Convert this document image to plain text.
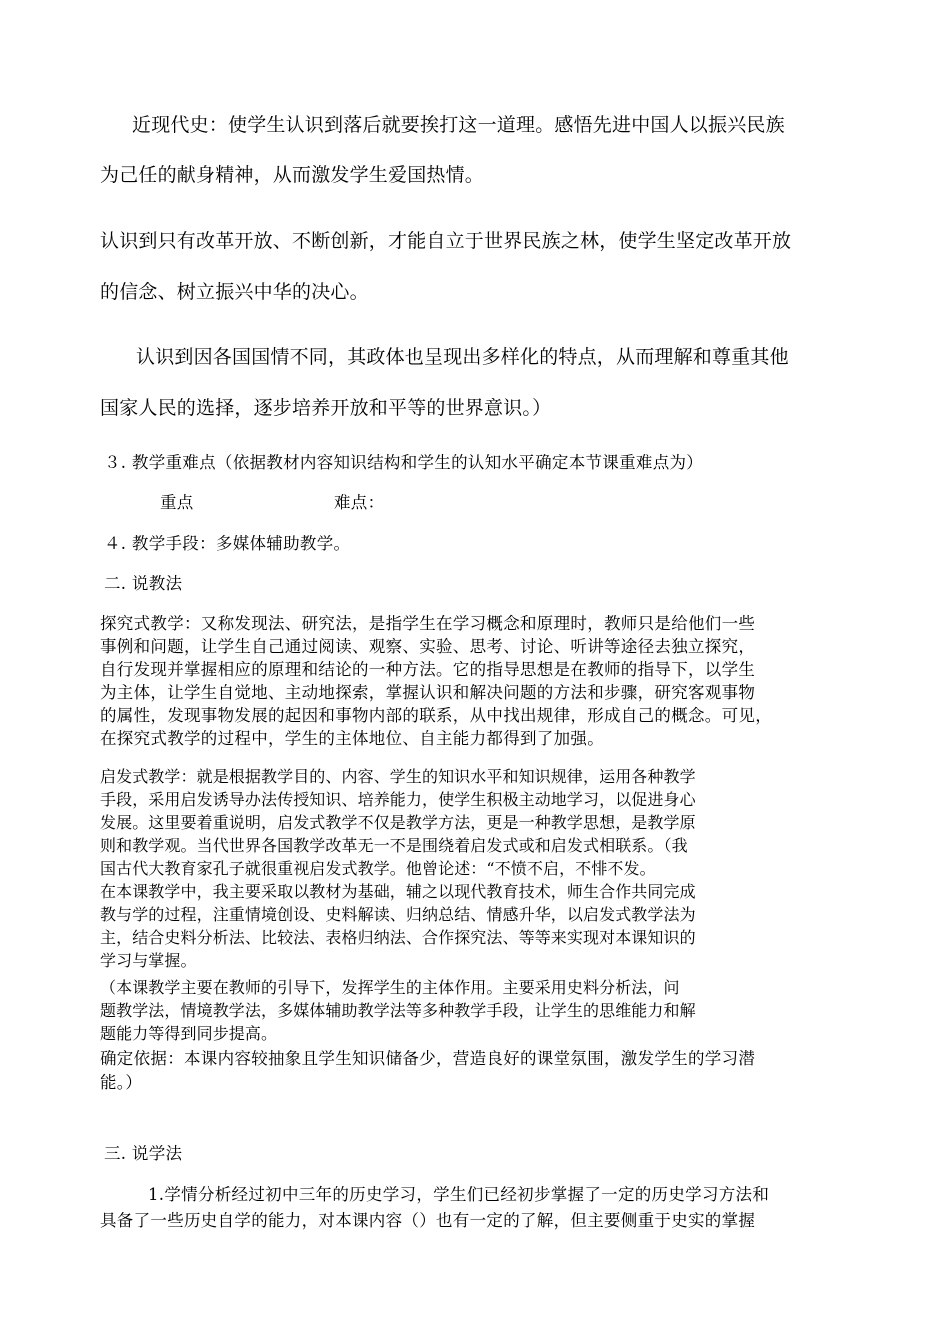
近现代史：使学生认识到落后就要挨打这一道理。感悟先进中国人以振兴民族
为己任的献身精神，从而激发学生爱国热情。
认识到只有改革开放、不断创新，才能自立于世界民族之林，使学生坚定改革开放
的信念、树立振兴中华的决心。
认识到因各国国情不同，其政体也呈现出多样化的特点，从而理解和尊重其他
国家人民的选择，逐步培养开放和平等的世界意识。）
３. 教学重难点（依据教材内容知识结构和学生的认知水平确定本节课重难点为）
重点	难点：
４. 教学手段：多媒体辅助教学。
二. 说教法
探究式教学：又称发现法、研究法，是指学生在学习概念和原理时，教师只是给他们一些
事例和问题，让学生自己通过阅读、观察、实验、思考、讨论、听讲等途径去独立探究，
自行发现并掌握相应的原理和结论的一种方法。它的指导思想是在教师的指导下，以学生
为主体，让学生自觉地、主动地探索，掌握认识和解决问题的方法和步骤，研究客观事物
的属性，发现事物发展的起因和事物内部的联系，从中找出规律，形成自己的概念。可见，
在探究式教学的过程中，学生的主体地位、自主能力都得到了加强。
启发式教学：就是根据教学目的、内容、学生的知识水平和知识规律，运用各种教学
手段，采用启发诱导办法传授知识、培养能力，使学生积极主动地学习，以促进身心
发展。这里要着重说明，启发式教学不仅是教学方法，更是一种教学思想，是教学原
则和教学观。当代世界各国教学改革无一不是围绕着启发式或和启发式相联系。（我
国古代大教育家孔子就很重视启发式教学。他曾论述：“不愤不启，不悱不发。
在本课教学中，我主要采取以教材为基础，辅之以现代教育技术，师生合作共同完成
教与学的过程，注重情境创设、史料解读、归纳总结、情感升华，以启发式教学法为
主，结合史料分析法、比较法、表格归纳法、合作探究法、等等来实现对本课知识的
学习与掌握。
（本课教学主要在教师的引导下，发挥学生的主体作用。主要采用史料分析法，问
题教学法，情境教学法，多媒体辅助教学法等多种教学手段，让学生的思维能力和解
题能力等得到同步提高。
确定依据：本课内容较抽象且学生知识储备少，营造良好的课堂氛围，激发学生的学习潜
能。）
三. 说学法
1.学情分析经过初中三年的历史学习，学生们已经初步掌握了一定的历史学习方法和
具备了一些历史自学的能力，对本课内容（）也有一定的了解，但主要侧重于史实的掌握
